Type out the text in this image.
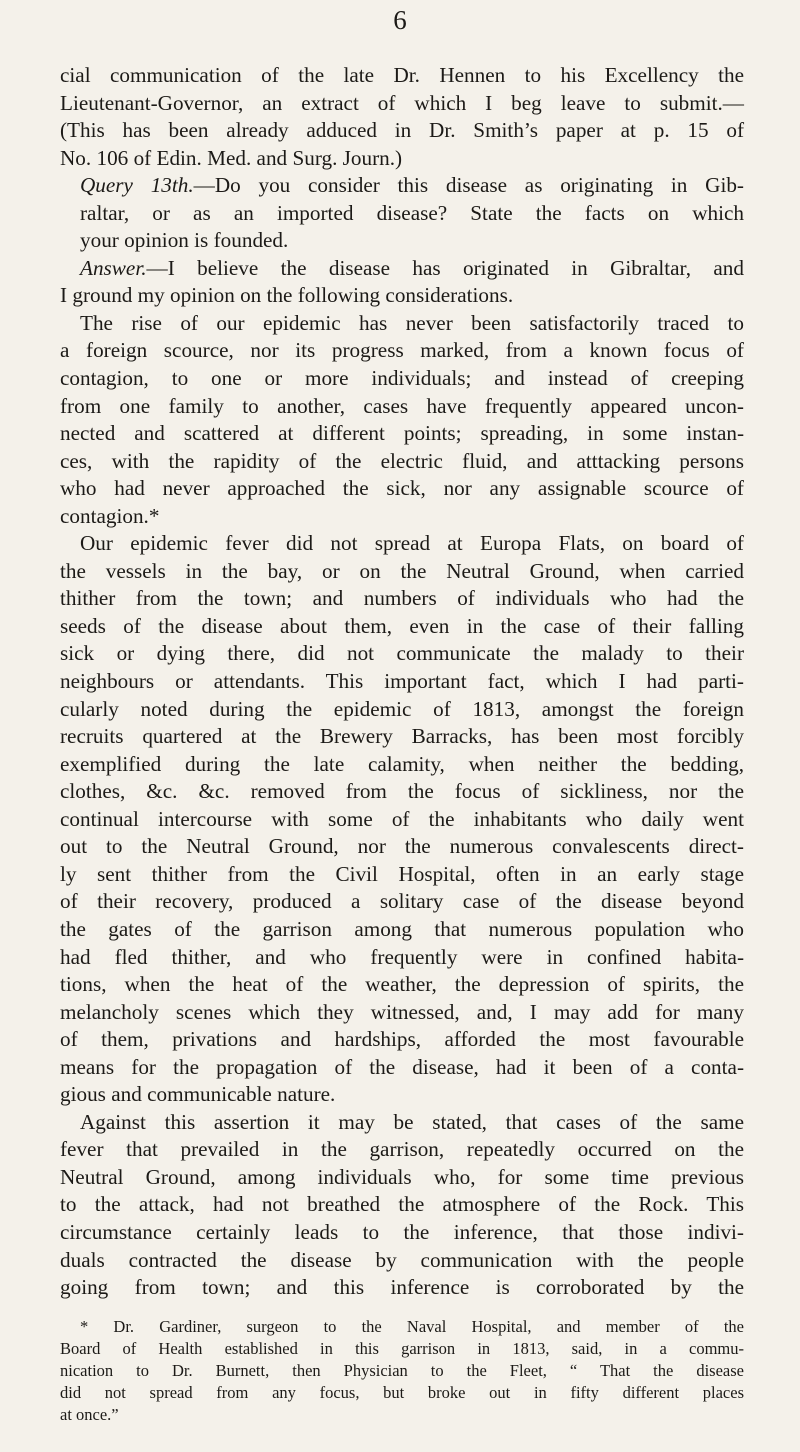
6
cial communication of the late Dr. Hennen to his Excellency the
Lieutenant-Governor, an extract of which I beg leave to submit.—
(This has been already adduced in Dr. Smith’s paper at p. 15 of
No. 106 of Edin. Med. and Surg. Journ.)
Query 13th.—Do you consider this disease as originating in Gib-
raltar, or as an imported disease? State the facts on which
your opinion is founded.
Answer.—I believe the disease has originated in Gibraltar, and
I ground my opinion on the following considerations.
The rise of our epidemic has never been satisfactorily traced to
a foreign scource, nor its progress marked, from a known focus of
contagion, to one or more individuals; and instead of creeping
from one family to another, cases have frequently appeared uncon-
nected and scattered at different points; spreading, in some instan-
ces, with the rapidity of the electric fluid, and atttacking persons
who had never approached the sick, nor any assignable scource of
contagion.*
Our epidemic fever did not spread at Europa Flats, on board of
the vessels in the bay, or on the Neutral Ground, when carried
thither from the town; and numbers of individuals who had the
seeds of the disease about them, even in the case of their falling
sick or dying there, did not communicate the malady to their
neighbours or attendants. This important fact, which I had parti-
cularly noted during the epidemic of 1813, amongst the foreign
recruits quartered at the Brewery Barracks, has been most forcibly
exemplified during the late calamity, when neither the bedding,
clothes, &c. &c. removed from the focus of sickliness, nor the
continual intercourse with some of the inhabitants who daily went
out to the Neutral Ground, nor the numerous convalescents direct-
ly sent thither from the Civil Hospital, often in an early stage
of their recovery, produced a solitary case of the disease beyond
the gates of the garrison among that numerous population who
had fled thither, and who frequently were in confined habita-
tions, when the heat of the weather, the depression of spirits, the
melancholy scenes which they witnessed, and, I may add for many
of them, privations and hardships, afforded the most favourable
means for the propagation of the disease, had it been of a conta-
gious and communicable nature.
Against this assertion it may be stated, that cases of the same
fever that prevailed in the garrison, repeatedly occurred on the
Neutral Ground, among individuals who, for some time previous
to the attack, had not breathed the atmosphere of the Rock. This
circumstance certainly leads to the inference, that those indivi-
duals contracted the disease by communication with the people
going from town; and this inference is corroborated by the
* Dr. Gardiner, surgeon to the Naval Hospital, and member of the
Board of Health established in this garrison in 1813, said, in a commu-
nication to Dr. Burnett, then Physician to the Fleet, “ That the disease
did not spread from any focus, but broke out in fifty different places
at once.”
